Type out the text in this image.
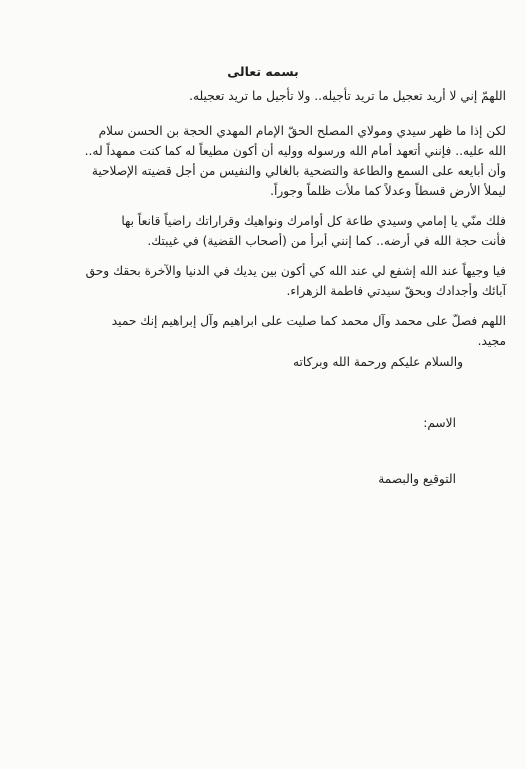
بسمه تعالى

اللهمّ إني لا أريد تعجيل ما تريد تأجيله.. ولا تأجيل ما تريد تعجيله.

لكن إذا ما ظهر سيدي ومولاي المصلح الحقّ الإمام المهدي الحجة بن الحسن سلام

الله عليه.. فإنني أتعهد أمام الله ورسوله ووليه أن أكون مطيعاً له كما كنت ممهداً له..

وأن أبايعه على السمع والطاعة والتضحية بالغالي والنفيس من أجل قضيته الإصلاحية

ليملأ الأرض قسطاً وعدلاً كما ملأت ظلماً وجوراً.

فلك منّي يا إمامي وسيدي طاعة كل أوامرك ونواهيك وقراراتك راضياً قانعاً بها

فأنت حجة الله في أرضه.. كما إنني أبرأ من (أصحاب القضية) في غيبتك.

فيا وجيهاً عند الله إشفع لي عند الله كي أكون بين يديك في الدنيا والآخرة بحقك وحق

آبائك وأجدادك وبحقّ سيدتي فاطمة الزهراء.

اللهم فصلّ على محمد وآل محمد كما صليت على ابراهيم وآل إبراهيم إنك حميد

مجيد.

والسلام عليكم ورحمة الله وبركاته

الاسم:

التوقيع والبصمة
